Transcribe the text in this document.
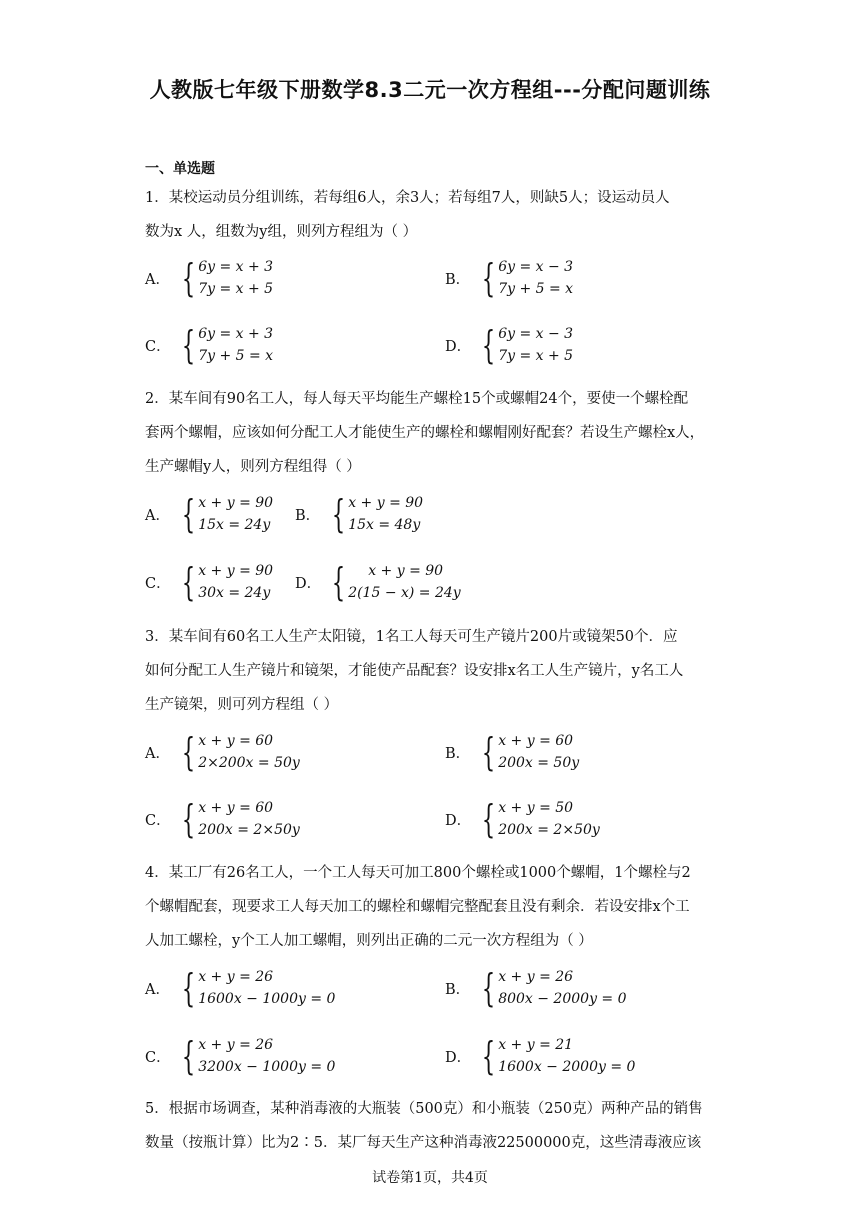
人教版七年级下册数学8.3二元一次方程组---分配问题训练
一、单选题
1．某校运动员分组训练，若每组6人，余3人；若每组7人，则缺5人；设运动员人
数为x 人，组数为y组，则列方程组为（ ）
A． { 6y = x + 3
7y = x + 5
B． { 6y = x − 3
7y + 5 = x
C． { 6y = x + 3
7y + 5 = x
D． { 6y = x − 3
7y = x + 5
2．某车间有90名工人，每人每天平均能生产螺栓15个或螺帽24个，要使一个螺栓配
套两个螺帽，应该如何分配工人才能使生产的螺栓和螺帽刚好配套？若设生产螺栓x人，
生产螺帽y人，则列方程组得（ ）
A． { x + y = 90
15x = 24y
B． { x + y = 90
15x = 48y
C． { x + y = 90
30x = 24y
D． {	x + y = 90
2(15 − x) = 24y
3．某车间有60名工人生产太阳镜，1名工人每天可生产镜片200片或镜架50个．应
如何分配工人生产镜片和镜架，才能使产品配套？设安排x名工人生产镜片，y名工人
生产镜架，则可列方程组（ ）
A． { x + y = 60
2×200x = 50y
B． { x + y = 60
200x = 50y
C． { x + y = 60
200x = 2×50y
D． { x + y = 50
200x = 2×50y
4．某工厂有26名工人，一个工人每天可加工800个螺栓或1000个螺帽，1个螺栓与2
个螺帽配套，现要求工人每天加工的螺栓和螺帽完整配套且没有剩余．若设安排x个工
人加工螺栓，y个工人加工螺帽，则列出正确的二元一次方程组为（ ）
A． { x + y = 26
1600x − 1000y = 0
B． { x + y = 26
800x − 2000y = 0
C． { x + y = 26
3200x − 1000y = 0
D． { x + y = 21
1600x − 2000y = 0
5．根据市场调查，某种消毒液的大瓶装（500克）和小瓶装（250克）两种产品的销售
数量（按瓶计算）比为2∶5．某厂每天生产这种消毒液22500000克，这些清毒液应该
试卷第1页，共4页
